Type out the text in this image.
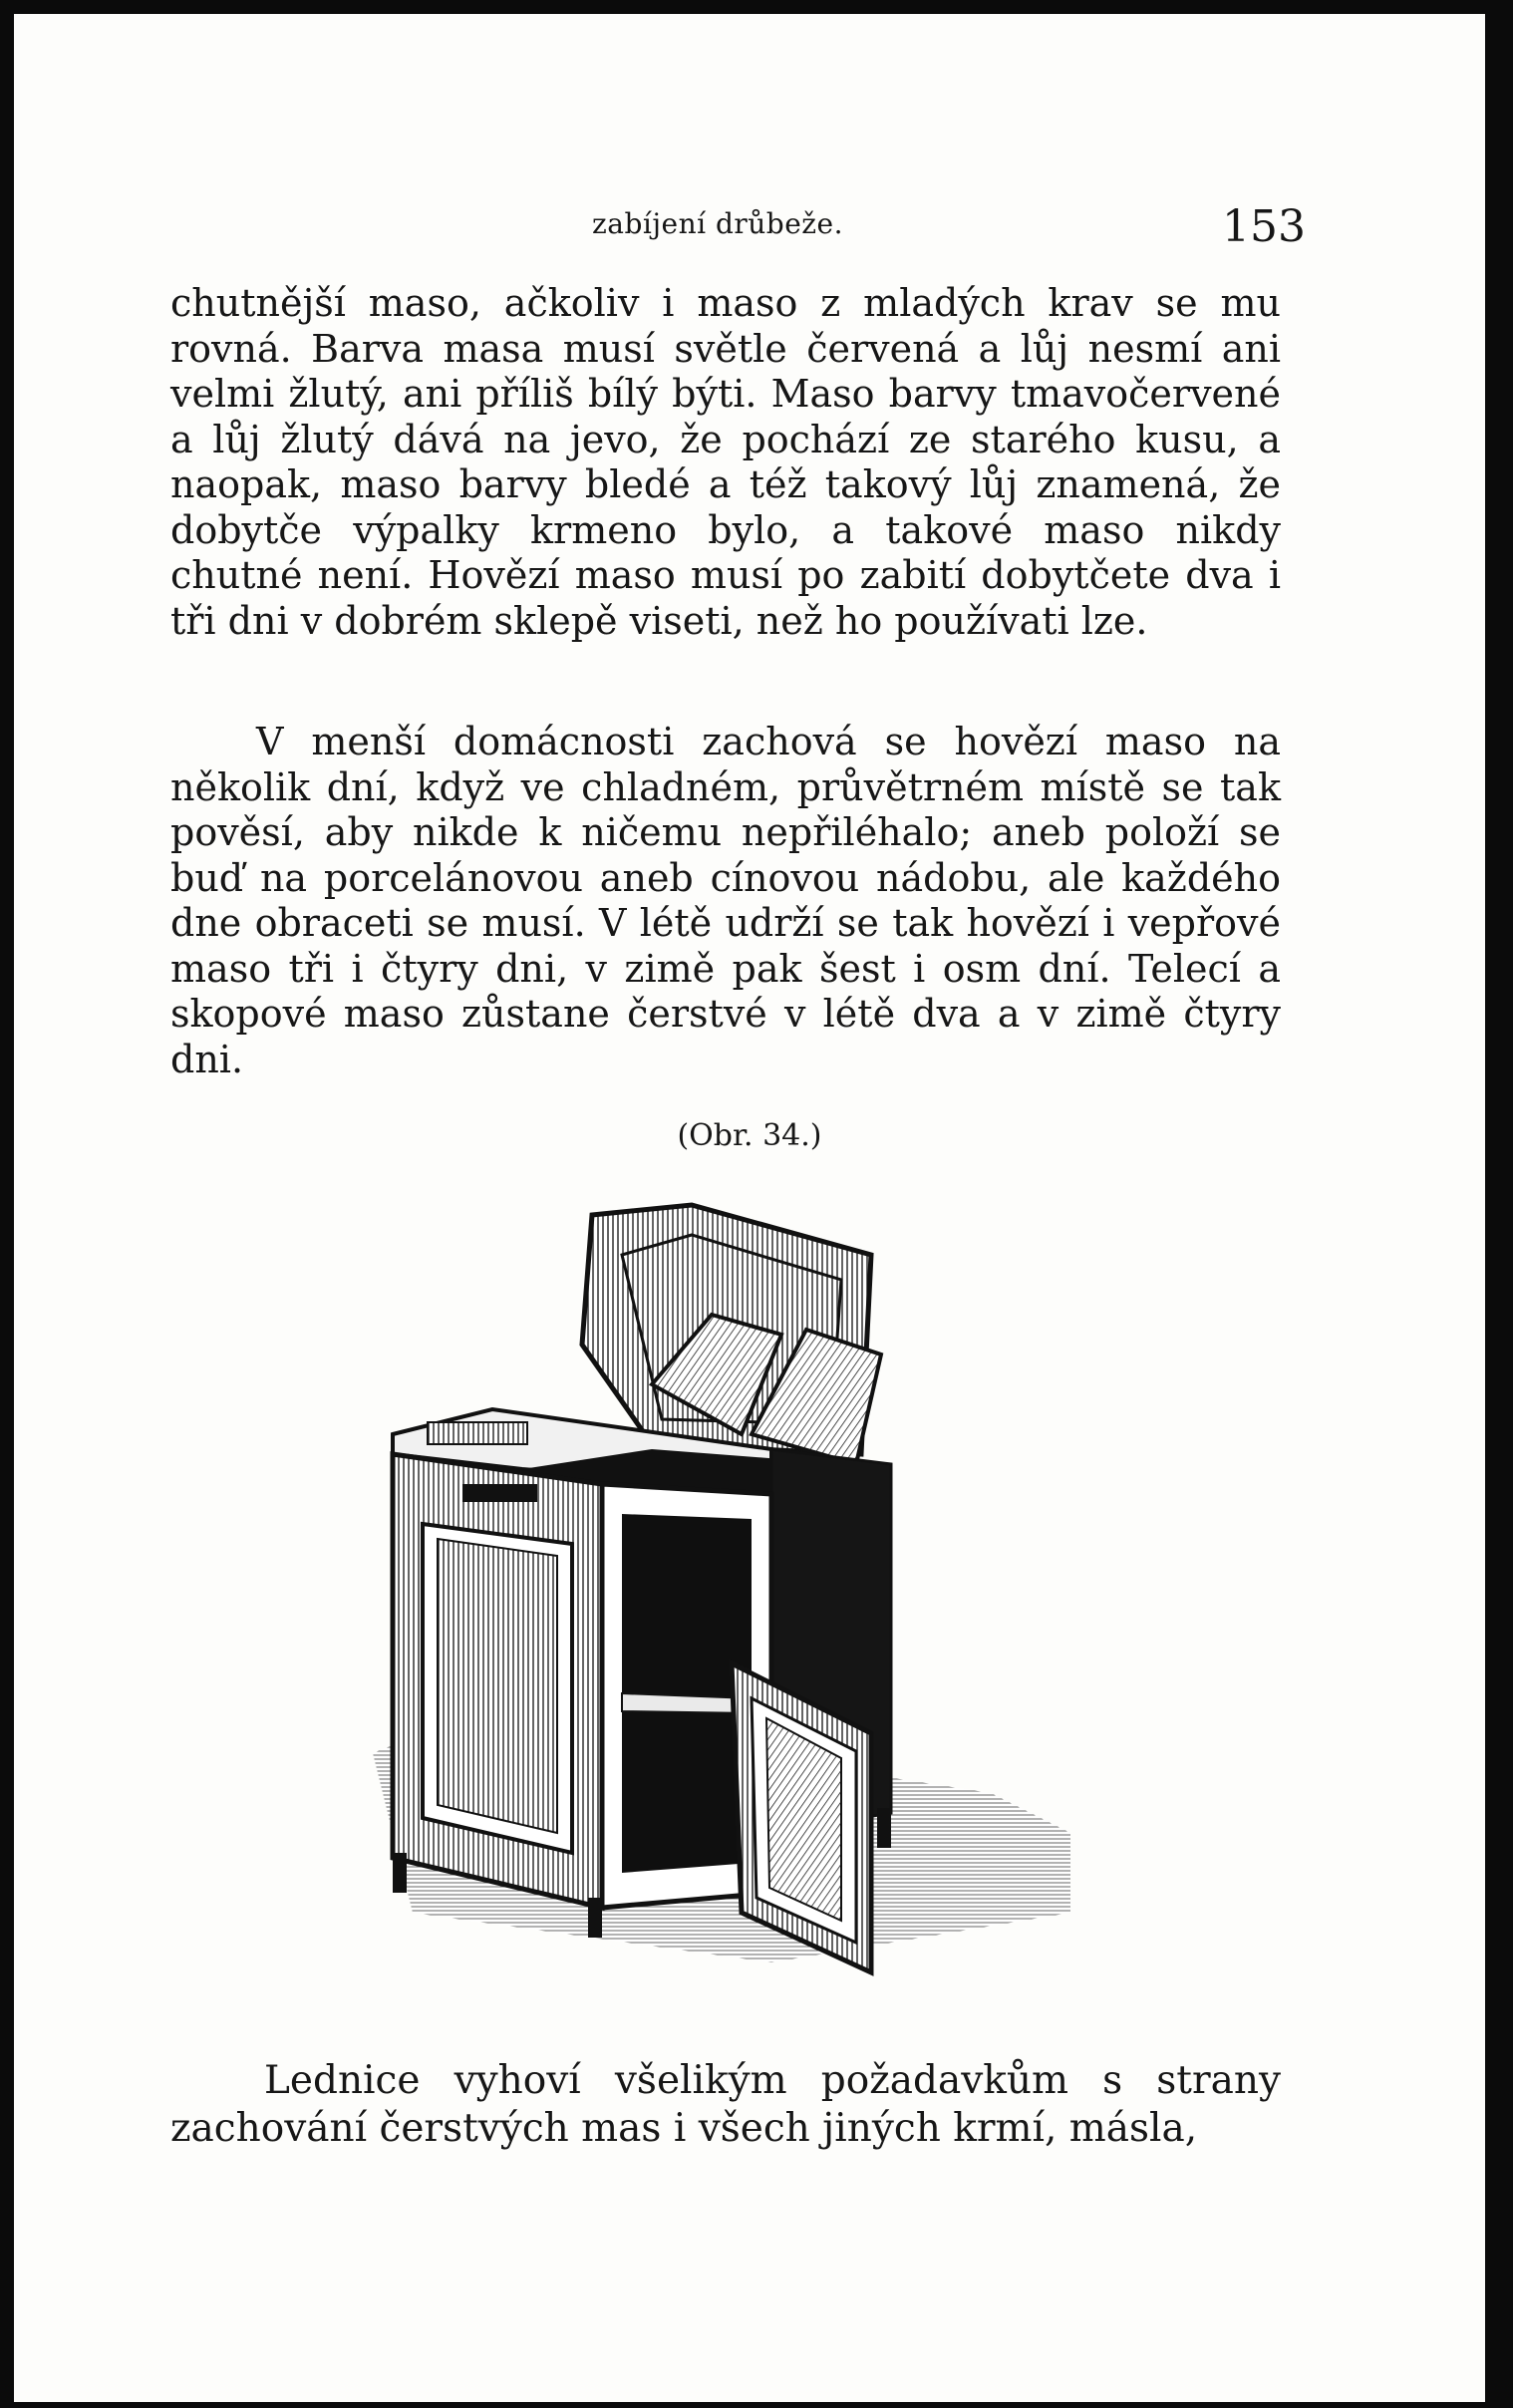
zabíjení drůbeže.	153

chutnější maso, ačkoliv i maso z mladých krav se mu rovná. Barva masa musí světle červená a lůj nesmí ani velmi žlutý, ani příliš bílý býti. Maso barvy tmavočervené a lůj žlutý dává na jevo, že pochází ze starého kusu, a naopak, maso barvy bledé a též takový lůj znamená, že dobytče výpalky krmeno bylo, a takové maso nikdy chutné není. Hovězí maso musí po zabití dobytčete dva i tři dni v dobrém sklepě viseti, než ho používati lze.

V menší domácnosti zachová se hovězí maso na několik dní, když ve chladném, průvětrném místě se tak pověsí, aby nikde k ničemu nepřiléhalo; aneb položí se buď na porcelánovou aneb cínovou nádobu, ale každého dne obraceti se musí. V létě udrží se tak hovězí i vepřové maso tři i čtyry dni, v zimě pak šest i osm dní. Telecí a skopové maso zůstane čerstvé v létě dva a v zimě čtyry dni.

(Obr. 34.)

Lednice vyhoví všelikým požadavkům s strany zachování čerstvých mas i všech jiných krmí, másla,
